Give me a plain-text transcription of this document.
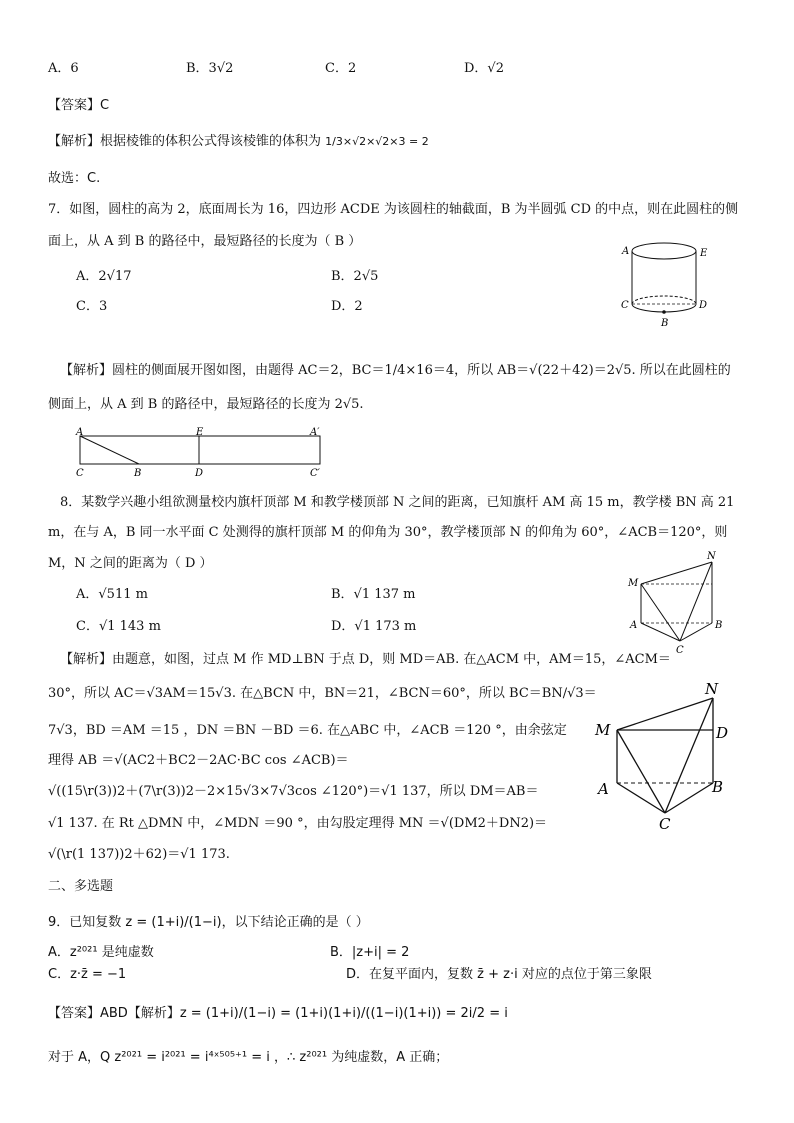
A．6	B．3√2	C．2	D．√2
【答案】C
【解析】根据棱锥的体积公式得该棱锥的体积为 1/3×√2×√2×3 = 2
故选：C.
7．如图，圆柱的高为 2，底面周长为 16，四边形 ACDE 为该圆柱的轴截面，B 为半圆弧 CD 的中点，则在此圆柱的侧
面上，从 A 到 B 的路径中，最短路径的长度为（ B ）
A．2√17	B．2√5
C．3	D．2
A	E
C	D
B
【解析】圆柱的侧面展开图如图，由题得 AC＝2，BC＝1/4×16＝4，所以 AB＝√(22＋42)＝2√5. 所以在此圆柱的
侧面上，从 A 到 B 的路径中，最短路径的长度为 2√5.
A	E	A′
C	B	D	C′
8．某数学兴趣小组欲测量校内旗杆顶部 M 和教学楼顶部 N 之间的距离，已知旗杆 AM 高 15 m，教学楼 BN 高 21
m，在与 A，B 同一水平面 C 处测得的旗杆顶部 M 的仰角为 30°，教学楼顶部 N 的仰角为 60°，∠ACB＝120°，则
M，N 之间的距离为（ D ）
A．√511 m	B．√1 137 m
C．√1 143 m	D．√1 173 m
N
M
A	B
C
【解析】由题意，如图，过点 M 作 MD⊥BN 于点 D，则 MD＝AB. 在△ACM 中，AM＝15，∠ACM＝
30°，所以 AC＝√3AM＝15√3. 在△BCN 中，BN＝21，∠BCN＝60°，所以 BC＝BN/√3＝
7√3，BD ＝AM ＝15 ，DN ＝BN －BD ＝6. 在△ABC 中，∠ACB ＝120 °，由余弦定
理得 AB ＝√(AC2＋BC2－2AC·BC cos ∠ACB)＝
√((15\r(3))2＋(7\r(3))2－2×15√3×7√3cos ∠120°)＝√1 137，所以 DM＝AB＝
√1 137. 在 Rt △DMN 中，∠MDN ＝90 °，由勾股定理得 MN ＝√(DM2＋DN2)＝
√(\r(1 137))2＋62)＝√1 173.
N
M	D
A	B
C
二、多选题
9．已知复数 z = (1+i)/(1−i)，以下结论正确的是（ ）
A．z²⁰²¹ 是纯虚数	B．|z+i| = 2
C．z·z̄ = −1	D．在复平面内，复数 z̄ + z·i 对应的点位于第三象限
【答案】ABD【解析】z = (1+i)/(1−i) = (1+i)(1+i)/((1−i)(1+i)) = 2i/2 = i
对于 A，Q z²⁰²¹ = i²⁰²¹ = i⁴ˣ⁵⁰⁵⁺¹ = i ，∴ z²⁰²¹ 为纯虚数，A 正确；
